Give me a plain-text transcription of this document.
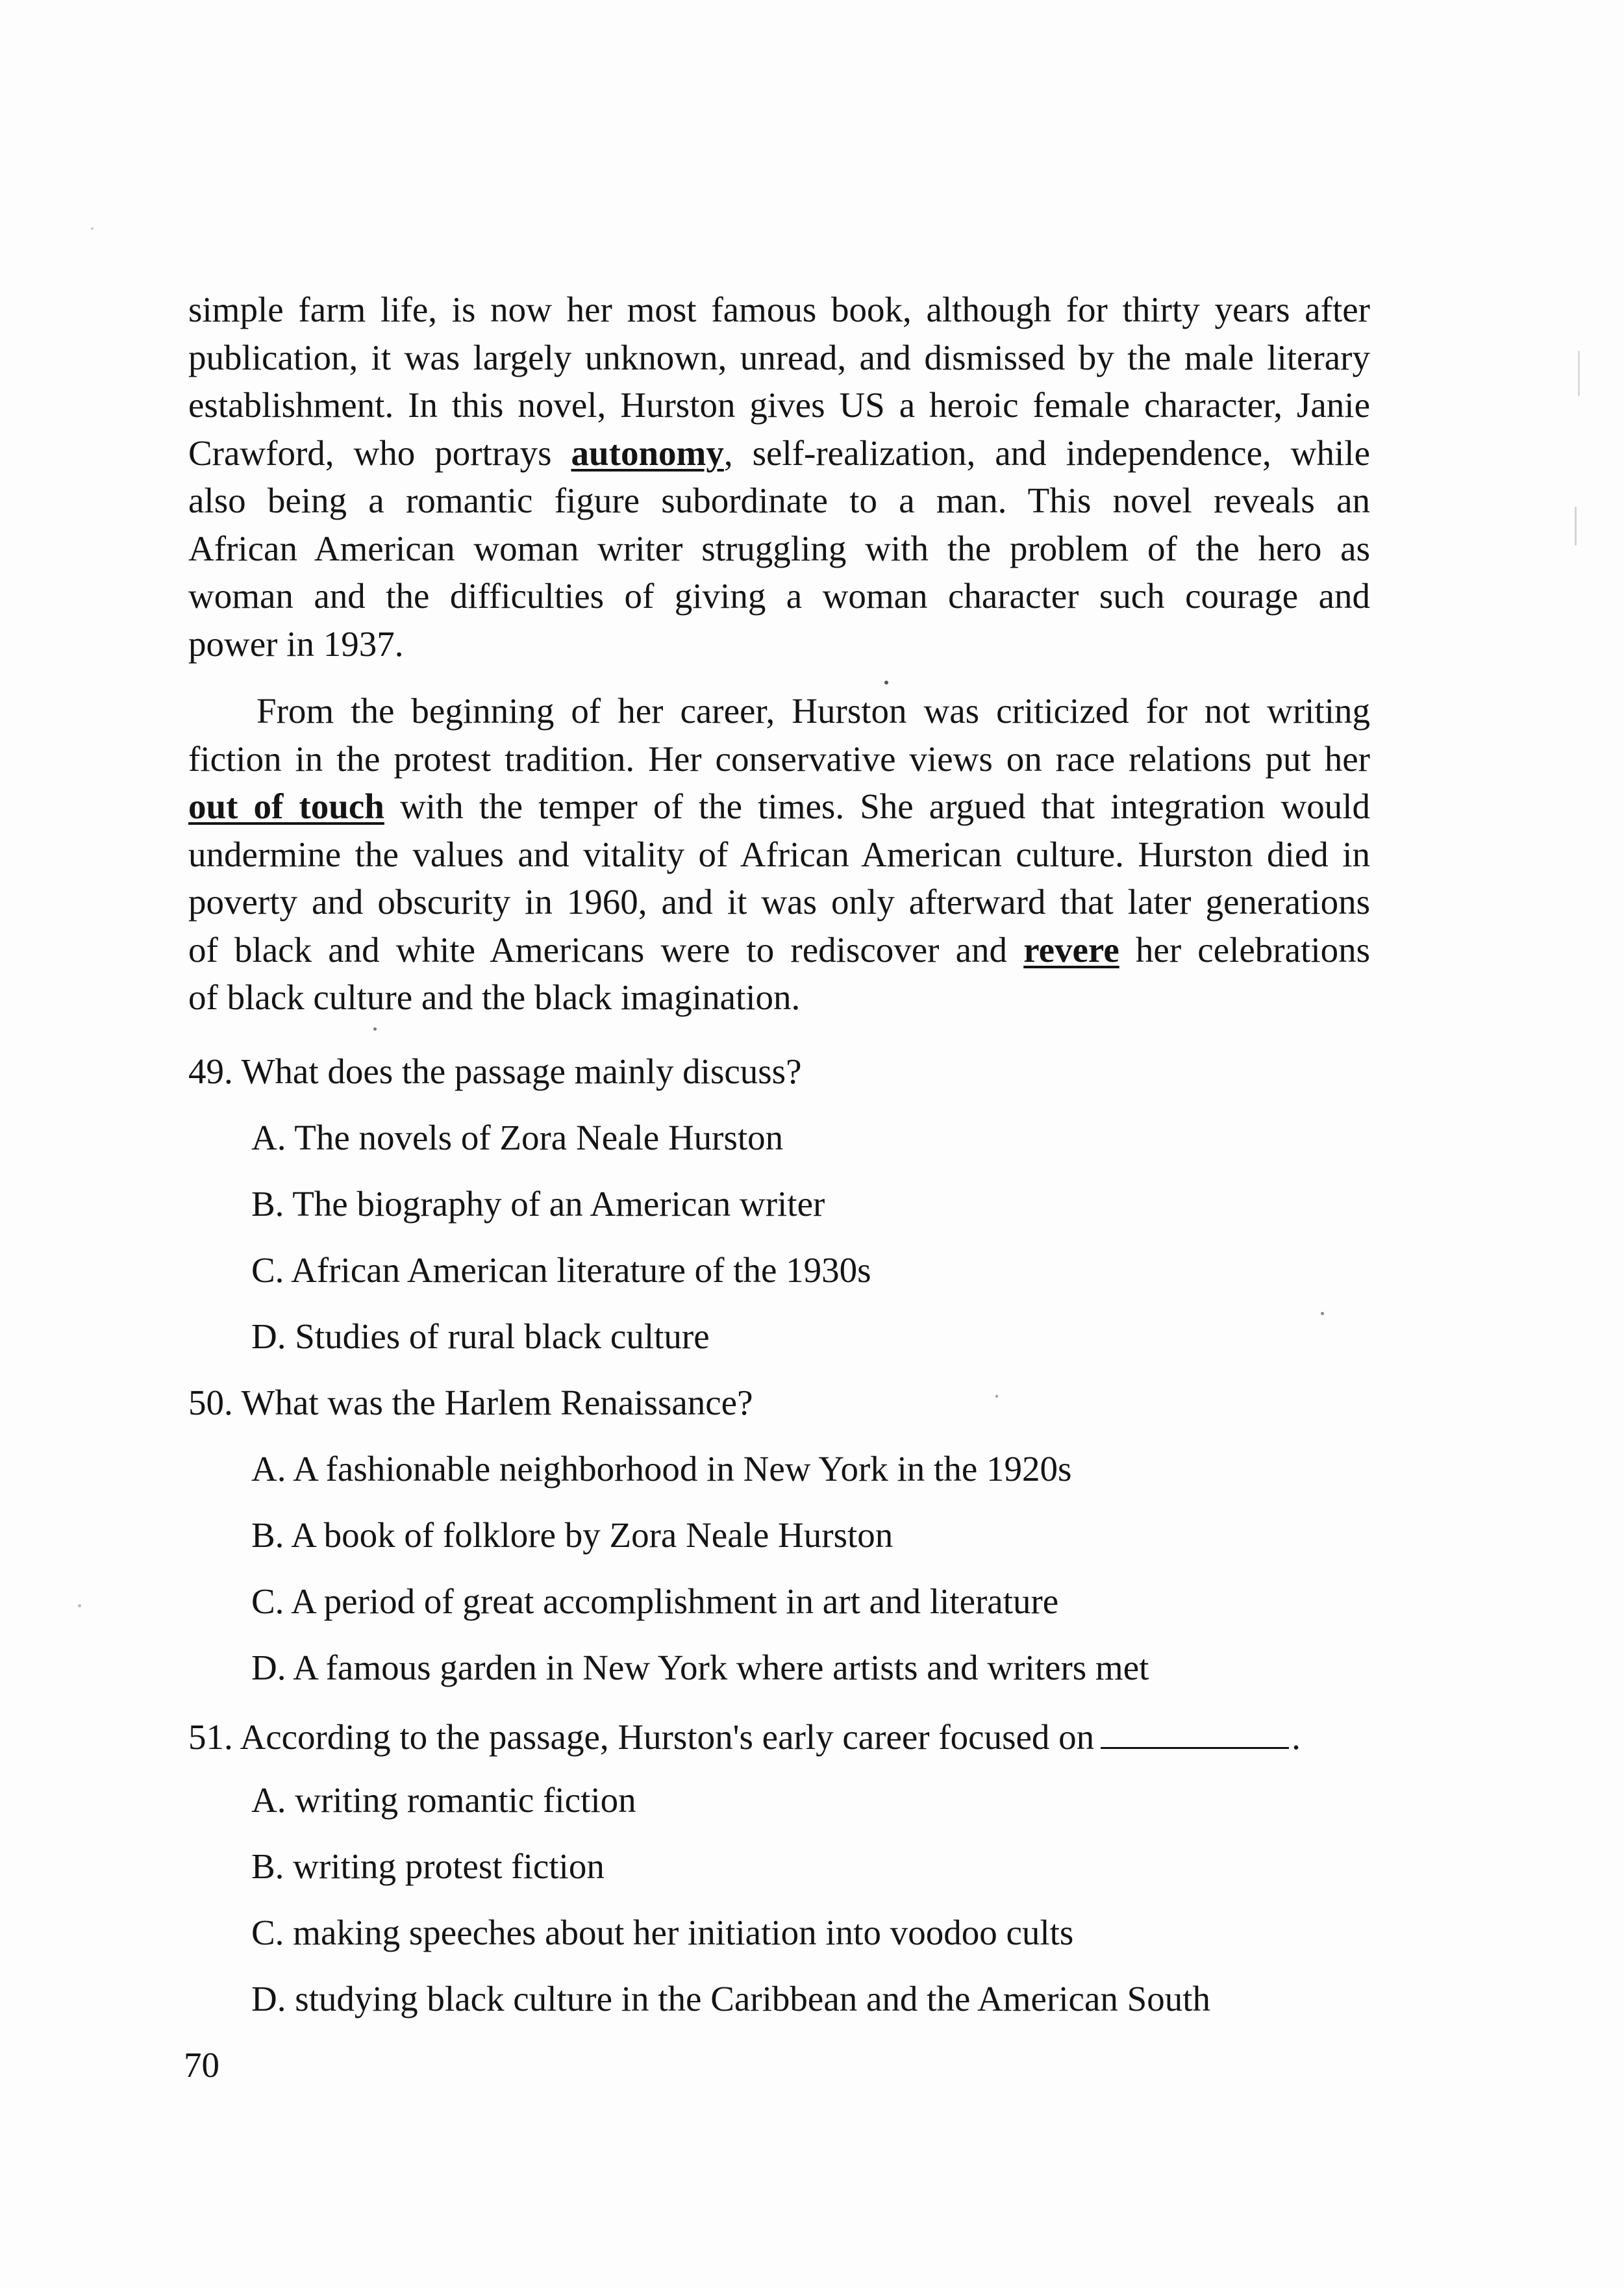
simple farm life, is now her most famous book, although for thirty years after
publication, it was largely unknown, unread, and dismissed by the male literary
establishment. In this novel, Hurston gives US a heroic female character, Janie
Crawford, who portrays autonomy, self-realization, and independence, while
also being a romantic figure subordinate to a man. This novel reveals an
African American woman writer struggling with the problem of the hero as
woman and the difficulties of giving a woman character such courage and
power in 1937.

From the beginning of her career, Hurston was criticized for not writing
fiction in the protest tradition. Her conservative views on race relations put her
out of touch with the temper of the times. She argued that integration would
undermine the values and vitality of African American culture. Hurston died in
poverty and obscurity in 1960, and it was only afterward that later generations
of black and white Americans were to rediscover and revere her celebrations
of black culture and the black imagination.

49. What does the passage mainly discuss?

A. The novels of Zora Neale Hurston

B. The biography of an American writer

C. African American literature of the 1930s

D. Studies of rural black culture

50. What was the Harlem Renaissance?

A. A fashionable neighborhood in New York in the 1920s

B. A book of folklore by Zora Neale Hurston

C. A period of great accomplishment in art and literature

D. A famous garden in New York where artists and writers met

51. According to the passage, Hurston's early career focused on	.

A. writing romantic fiction

B. writing protest fiction

C. making speeches about her initiation into voodoo cults

D. studying black culture in the Caribbean and the American South

70
